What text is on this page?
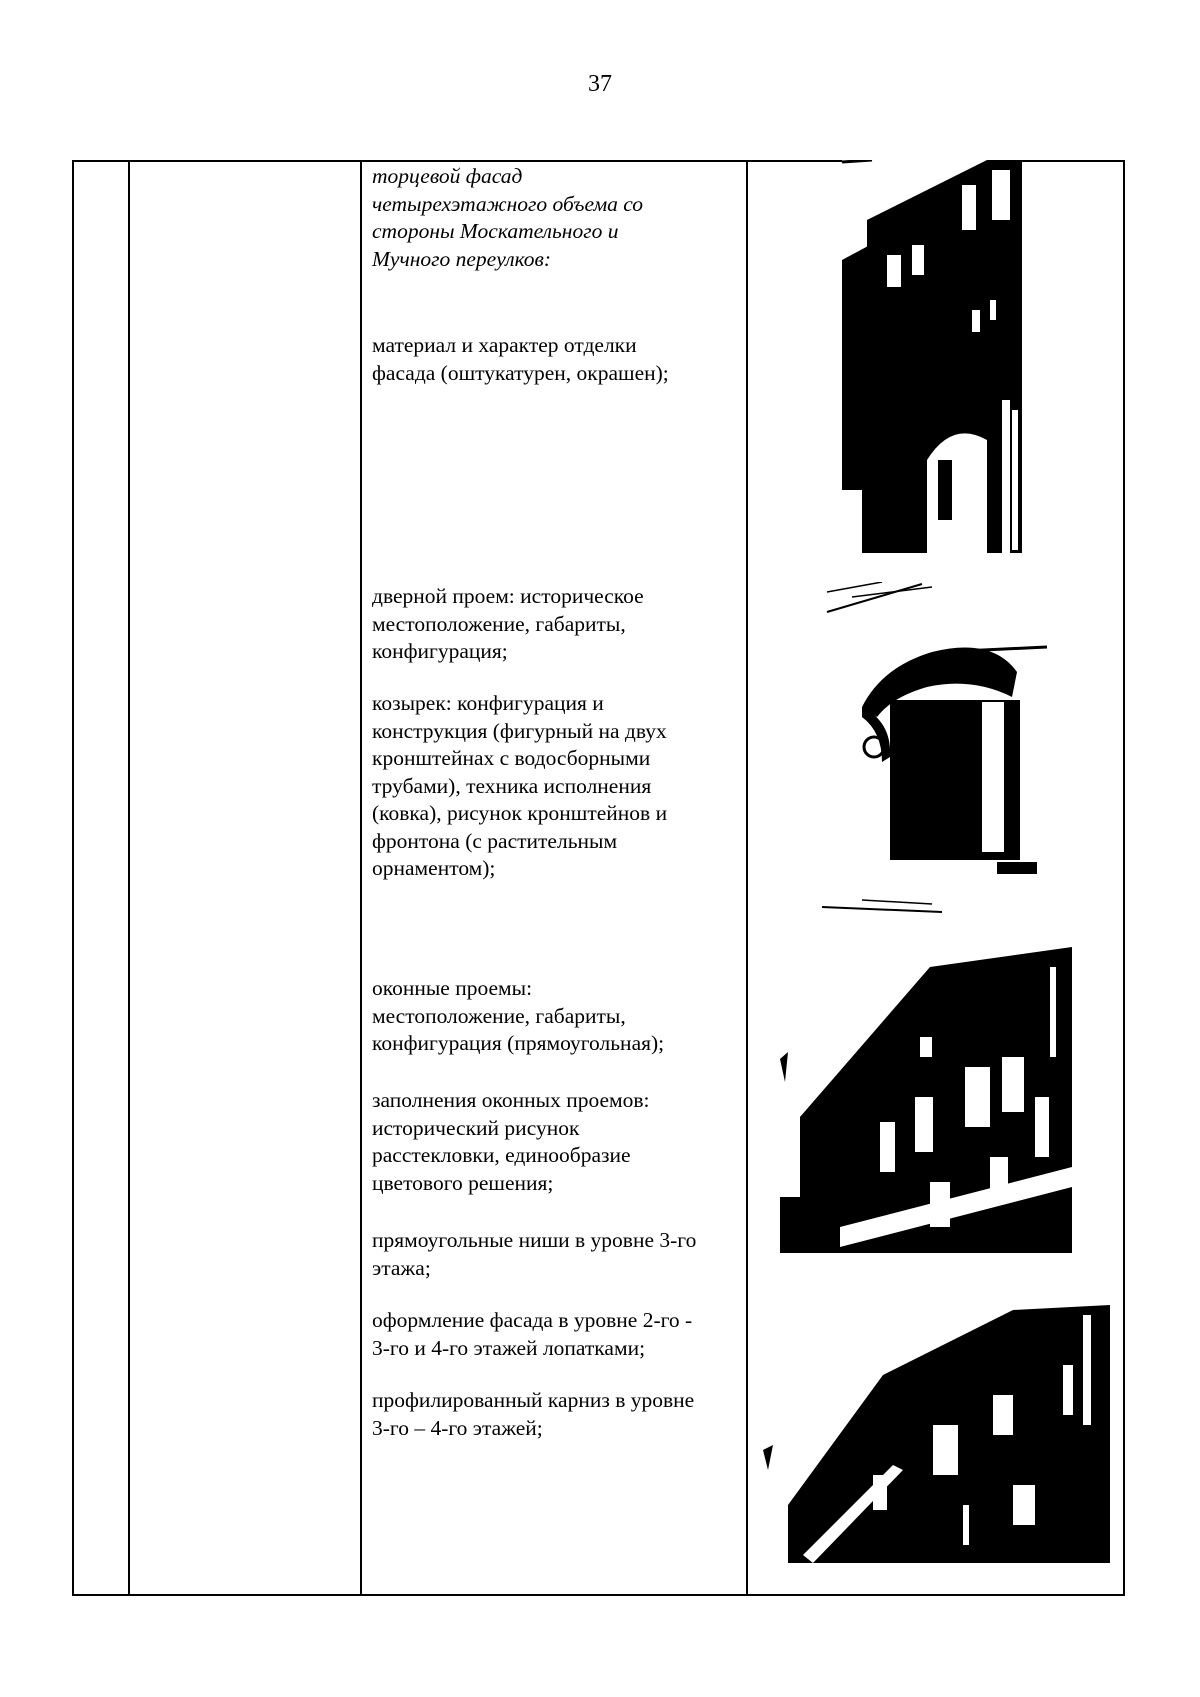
37

торцевой фасад

четырехэтажного объема со

стороны Москательного и

Мучного переулков:

материал и характер отделки

фасада (оштукатурен, окрашен);

дверной проем: историческое

местоположение, габариты,

конфигурация;

козырек: конфигурация и

конструкция (фигурный на двух

кронштейнах с водосборными

трубами), техника исполнения

(ковка), рисунок кронштейнов и

фронтона (с растительным

орнаментом);

оконные проемы:

местоположение, габариты,

конфигурация (прямоугольная);

заполнения оконных проемов:

исторический рисунок

расстекловки, единообразие

цветового решения;

прямоугольные ниши в уровне 3-го

этажа;

оформление фасада в уровне 2-го -

3-го и 4-го этажей лопатками;

профилированный карниз в уровне

3-го – 4-го этажей;
